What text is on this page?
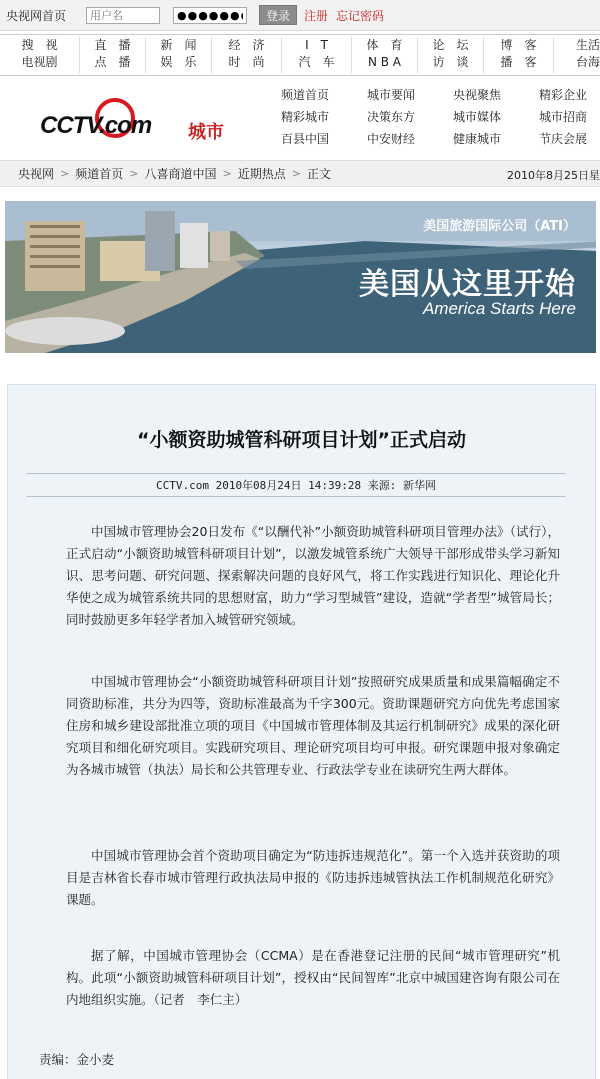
央视网首页
用户名
●●●●●●●●	登录	注册 忘记密码
搜　视
电视剧
直　播
点　播
新　闻
娱　乐
经　济
时　尚
I　T
汽　车
体　育
N B A
论　坛
访　谈
博　客
播　客
生活
台海
CCTV.com 城市
频道首页	城市要闻	央视聚焦	精彩企业
精彩城市	决策东方	城市媒体	城市招商
百县中国	中安财经	健康城市	节庆会展
央视网 > 频道首页 > 八喜商道中国 > 近期热点 > 正文	2010年8月25日星
美国旅游国际公司（ATI）
美国从这里开始
America Starts Here
“小额资助城管科研项目计划”正式启动
CCTV.com 2010年08月24日 14:39:28 来源: 新华网

中国城市管理协会20日发布《“以酬代补”小额资助城管科研项目管理办法》（试行），正式启动“小额资助城管科研项目计划”，以激发城管系统广大领导干部形成带头学习新知识、思考问题、研究问题、探索解决问题的良好风气，将工作实践进行知识化、理论化升华使之成为城管系统共同的思想财富，助力“学习型城管”建设，造就“学者型”城管局长；同时鼓励更多年轻学者加入城管研究领域。

中国城市管理协会“小额资助城管科研项目计划”按照研究成果质量和成果篇幅确定不同资助标准，共分为四等，资助标准最高为千字300元。资助课题研究方向优先考虑国家住房和城乡建设部批准立项的项目《中国城市管理体制及其运行机制研究》成果的深化研究项目和细化研究项目。实践研究项目、理论研究项目均可申报。研究课题申报对象确定为各城市城管（执法）局长和公共管理专业、行政法学专业在读研究生两大群体。

中国城市管理协会首个资助项目确定为“防违拆违规范化”。第一个入选并获资助的项目是吉林省长春市城市管理行政执法局申报的《防违拆违城管执法工作机制规范化研究》课题。

据了解，中国城市管理协会（CCMA）是在香港登记注册的民间“城市管理研究”机构。此项“小额资助城管科研项目计划”，授权由“民间智库”北京中城国建咨询有限公司在内地组织实施。（记者　李仁主）

责编：金小麦
